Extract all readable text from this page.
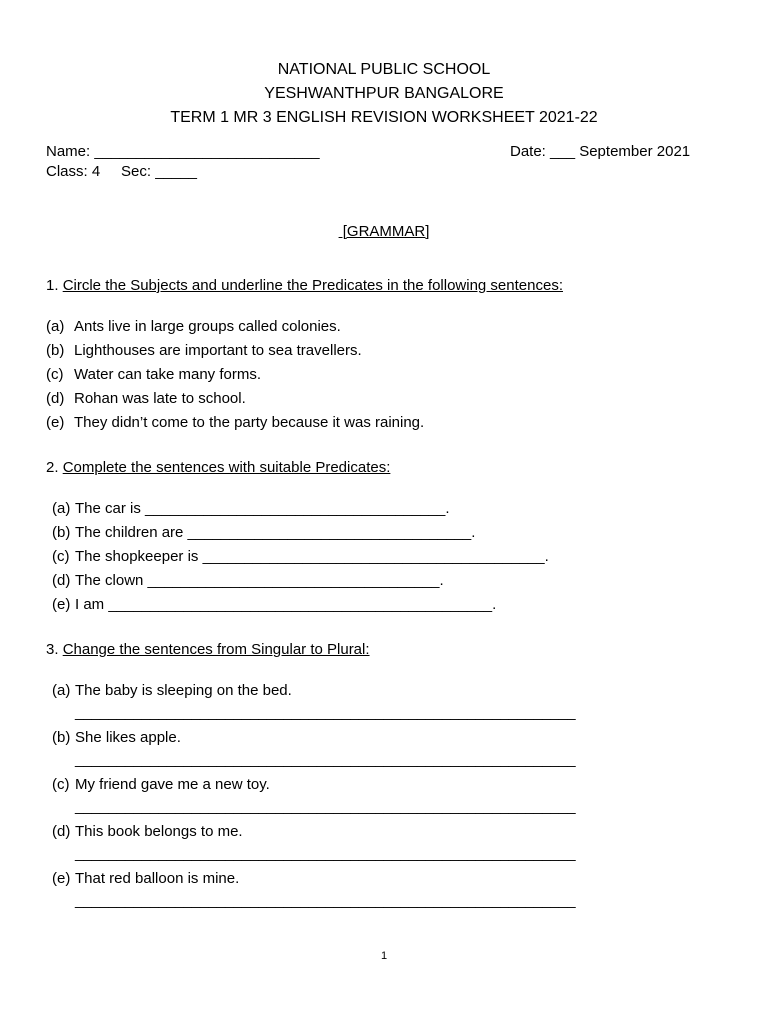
NATIONAL PUBLIC SCHOOL
YESHWANTHPUR BANGALORE
TERM 1 MR 3 ENGLISH REVISION WORKSHEET 2021-22
Name: ___________________________	Date: ___ September 2021
Class: 4     Sec: _____
[GRAMMAR]
1. Circle the Subjects and underline the Predicates in the following sentences:
(a) Ants live in large groups called colonies.
(b) Lighthouses are important to sea travellers.
(c) Water can take many forms.
(d) Rohan was late to school.
(e) They didn’t come to the party because it was raining.
2. Complete the sentences with suitable Predicates:
(a) The car is ____________________________________.
(b) The children are __________________________________.
(c) The shopkeeper is _________________________________________.
(d) The clown ___________________________________.
(e) I am ______________________________________________.
3. Change the sentences from Singular to Plural:
(a) The baby is sleeping on the bed.
____________________________________________________________
(b) She likes apple.
____________________________________________________________
(c) My friend gave me a new toy.
____________________________________________________________
(d) This book belongs to me.
____________________________________________________________
(e) That red balloon is mine.
____________________________________________________________
1
